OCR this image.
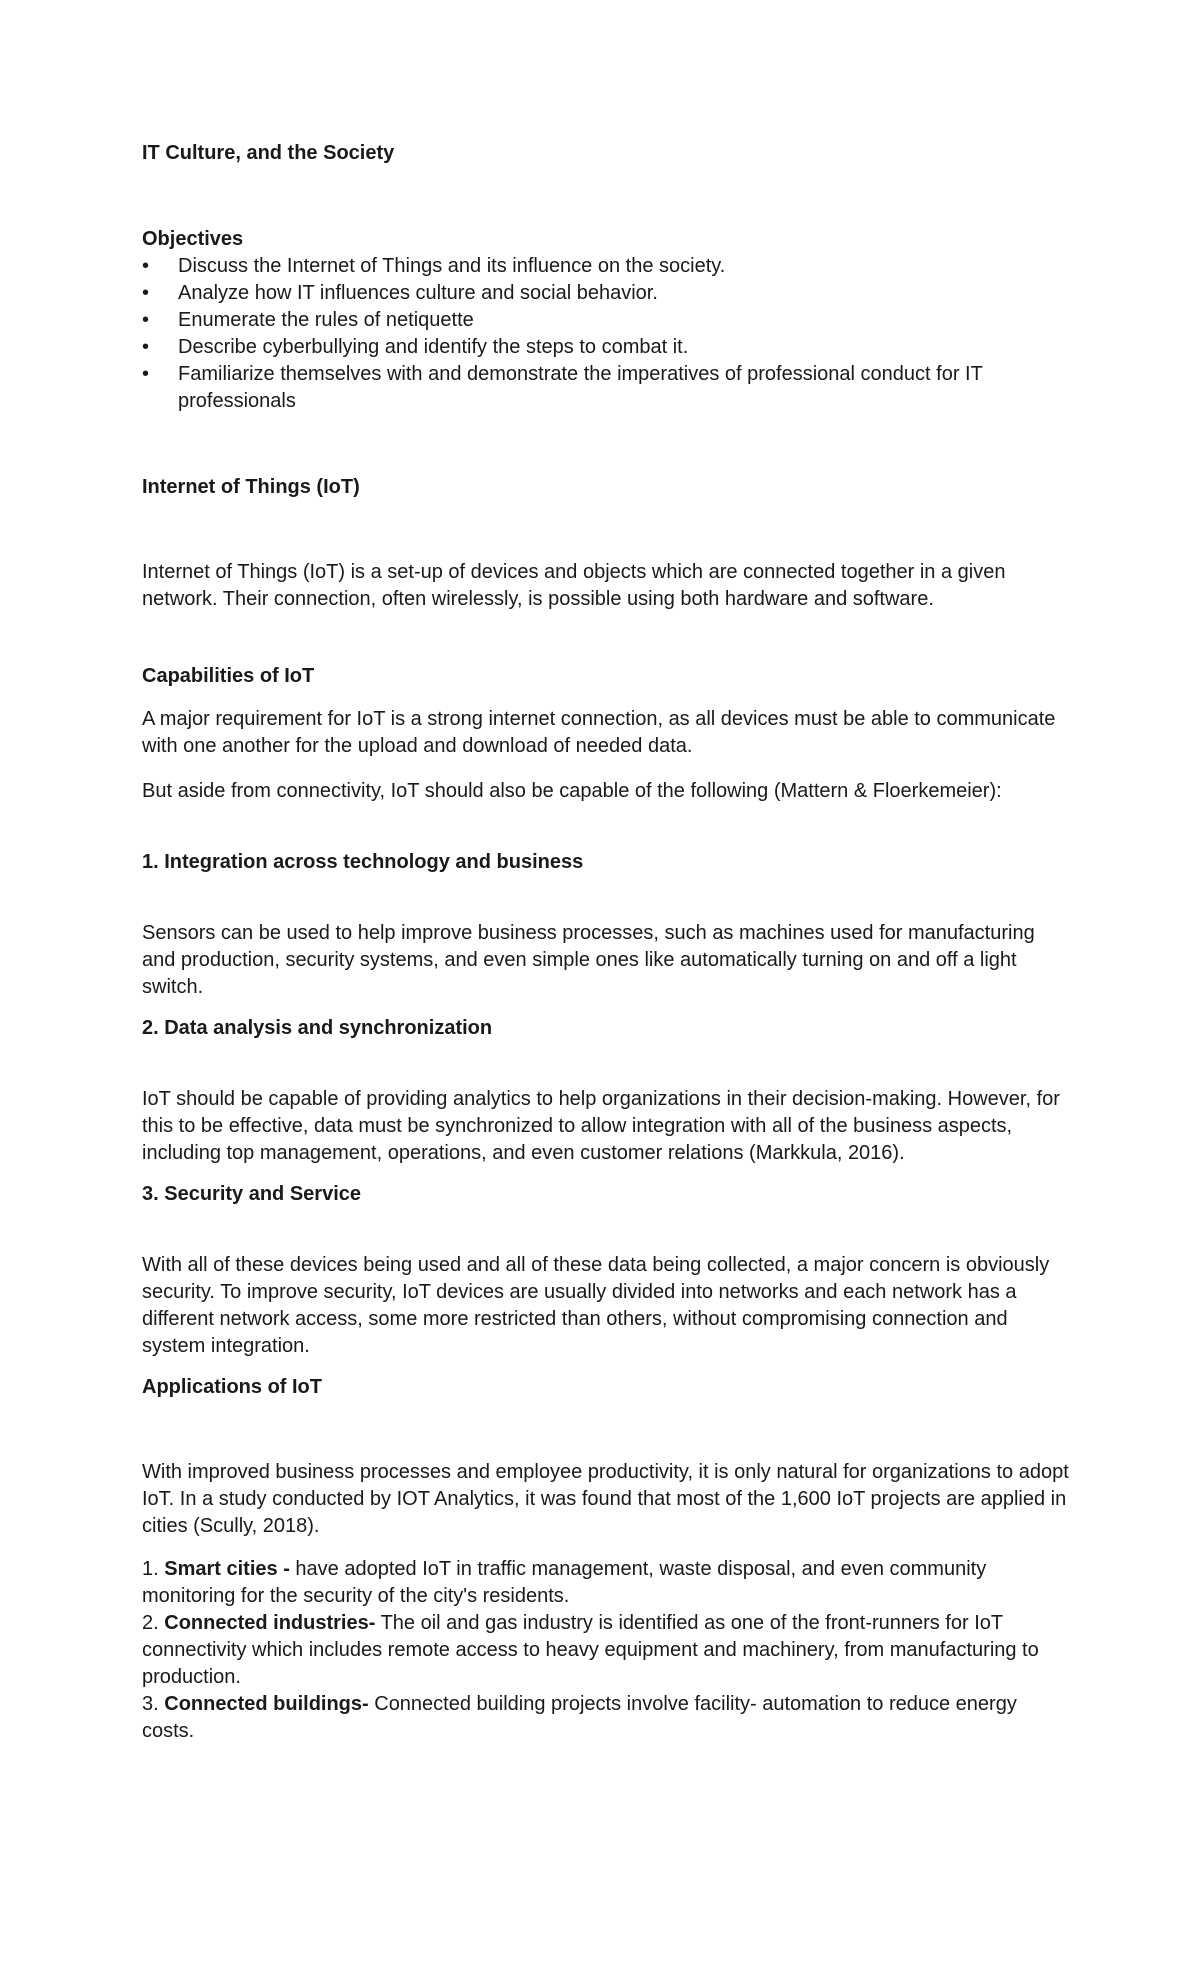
IT Culture, and the Society
Objectives
•	Discuss the Internet of Things and its influence on the society.
•	Analyze how IT influences culture and social behavior.
•	Enumerate the rules of netiquette
•	Describe cyberbullying and identify the steps to combat it.
•	Familiarize themselves with and demonstrate the imperatives of professional conduct for IT professionals
Internet of Things (IoT)

Internet of Things (IoT) is a set-up of devices and objects which are connected together in a given network. Their connection, often wirelessly, is possible using both hardware and software.

Capabilities of IoT

A major requirement for IoT is a strong internet connection, as all devices must be able to communicate with one another for the upload and download of needed data.

But aside from connectivity, IoT should also be capable of the following (Mattern & Floerkemeier):

1. Integration across technology and business

Sensors can be used to help improve business processes, such as machines used for manufacturing and production, security systems, and even simple ones like automatically turning on and off a light switch.

2. Data analysis and synchronization

IoT should be capable of providing analytics to help organizations in their decision-making. However, for this to be effective, data must be synchronized to allow integration with all of the business aspects, including top management, operations, and even customer relations (Markkula, 2016).

3. Security and Service

With all of these devices being used and all of these data being collected, a major concern is obviously security. To improve security, IoT devices are usually divided into networks and each network has a different network access, some more restricted than others, without compromising connection and system integration.

Applications of IoT

With improved business processes and employee productivity, it is only natural for organizations to adopt IoT. In a study conducted by IOT Analytics, it was found that most of the 1,600 IoT projects are applied in cities (Scully, 2018).

1. Smart cities - have adopted IoT in traffic management, waste disposal, and even community monitoring for the security of the city's residents.

2. Connected industries- The oil and gas industry is identified as one of the front-runners for IoT connectivity which includes remote access to heavy equipment and machinery, from manufacturing to production.

3. Connected buildings- Connected building projects involve facility- automation to reduce energy costs.
